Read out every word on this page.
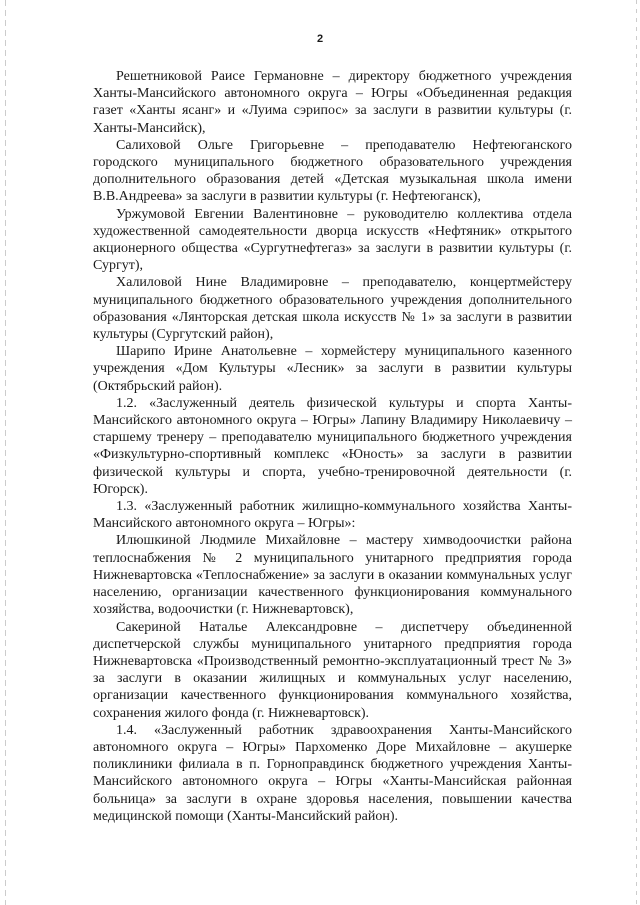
2

Решетниковой Раисе Германовне – директору бюджетного учреждения Ханты-Мансийского автономного округа – Югры «Объединенная редакция газет «Ханты ясанг» и «Луима сэрипос» за заслуги в развитии культуры (г. Ханты-Мансийск),

Салиховой Ольге Григорьевне – преподавателю Нефтеюганского городского муниципального бюджетного образовательного учреждения дополнительного образования детей «Детская музыкальная школа имени В.В.Андреева» за заслуги в развитии культуры (г. Нефтеюганск),

Уржумовой Евгении Валентиновне – руководителю коллектива отдела художественной самодеятельности дворца искусств «Нефтяник» открытого акционерного общества «Сургутнефтегаз» за заслуги в развитии культуры (г. Сургут),

Халиловой Нине Владимировне – преподавателю, концертмейстеру муниципального бюджетного образовательного учреждения дополнительного образования «Лянторская детская школа искусств № 1» за заслуги в развитии культуры (Сургутский район),

Шарипо Ирине Анатольевне – хормейстеру муниципального казенного учреждения «Дом Культуры «Лесник» за заслуги в развитии культуры (Октябрьский район).

1.2. «Заслуженный деятель физической культуры и спорта Ханты-Мансийского автономного округа – Югры» Лапину Владимиру Николаевичу – старшему тренеру – преподавателю муниципального бюджетного учреждения «Физкультурно-спортивный комплекс «Юность» за заслуги в развитии физической культуры и спорта, учебно-тренировочной деятельности (г. Югорск).

1.3. «Заслуженный работник жилищно-коммунального хозяйства Ханты-Мансийского автономного округа – Югры»:

Илюшкиной Людмиле Михайловне – мастеру химводоочистки района теплоснабжения № 2 муниципального унитарного предприятия города Нижневартовска «Теплоснабжение» за заслуги в оказании коммунальных услуг населению, организации качественного функционирования коммунального хозяйства, водоочистки (г. Нижневартовск),

Сакериной Наталье Александровне – диспетчеру объединенной диспетчерской службы муниципального унитарного предприятия города Нижневартовска «Производственный ремонтно-эксплуатационный трест № 3» за заслуги в оказании жилищных и коммунальных услуг населению, организации качественного функционирования коммунального хозяйства, сохранения жилого фонда (г. Нижневартовск).

1.4. «Заслуженный работник здравоохранения Ханты-Мансийского автономного округа – Югры» Пархоменко Доре Михайловне – акушерке поликлиники филиала в п. Горноправдинск бюджетного учреждения Ханты-Мансийского автономного округа – Югры «Ханты-Мансийская районная больница» за заслуги в охране здоровья населения, повышении качества медицинской помощи (Ханты-Мансийский район).
